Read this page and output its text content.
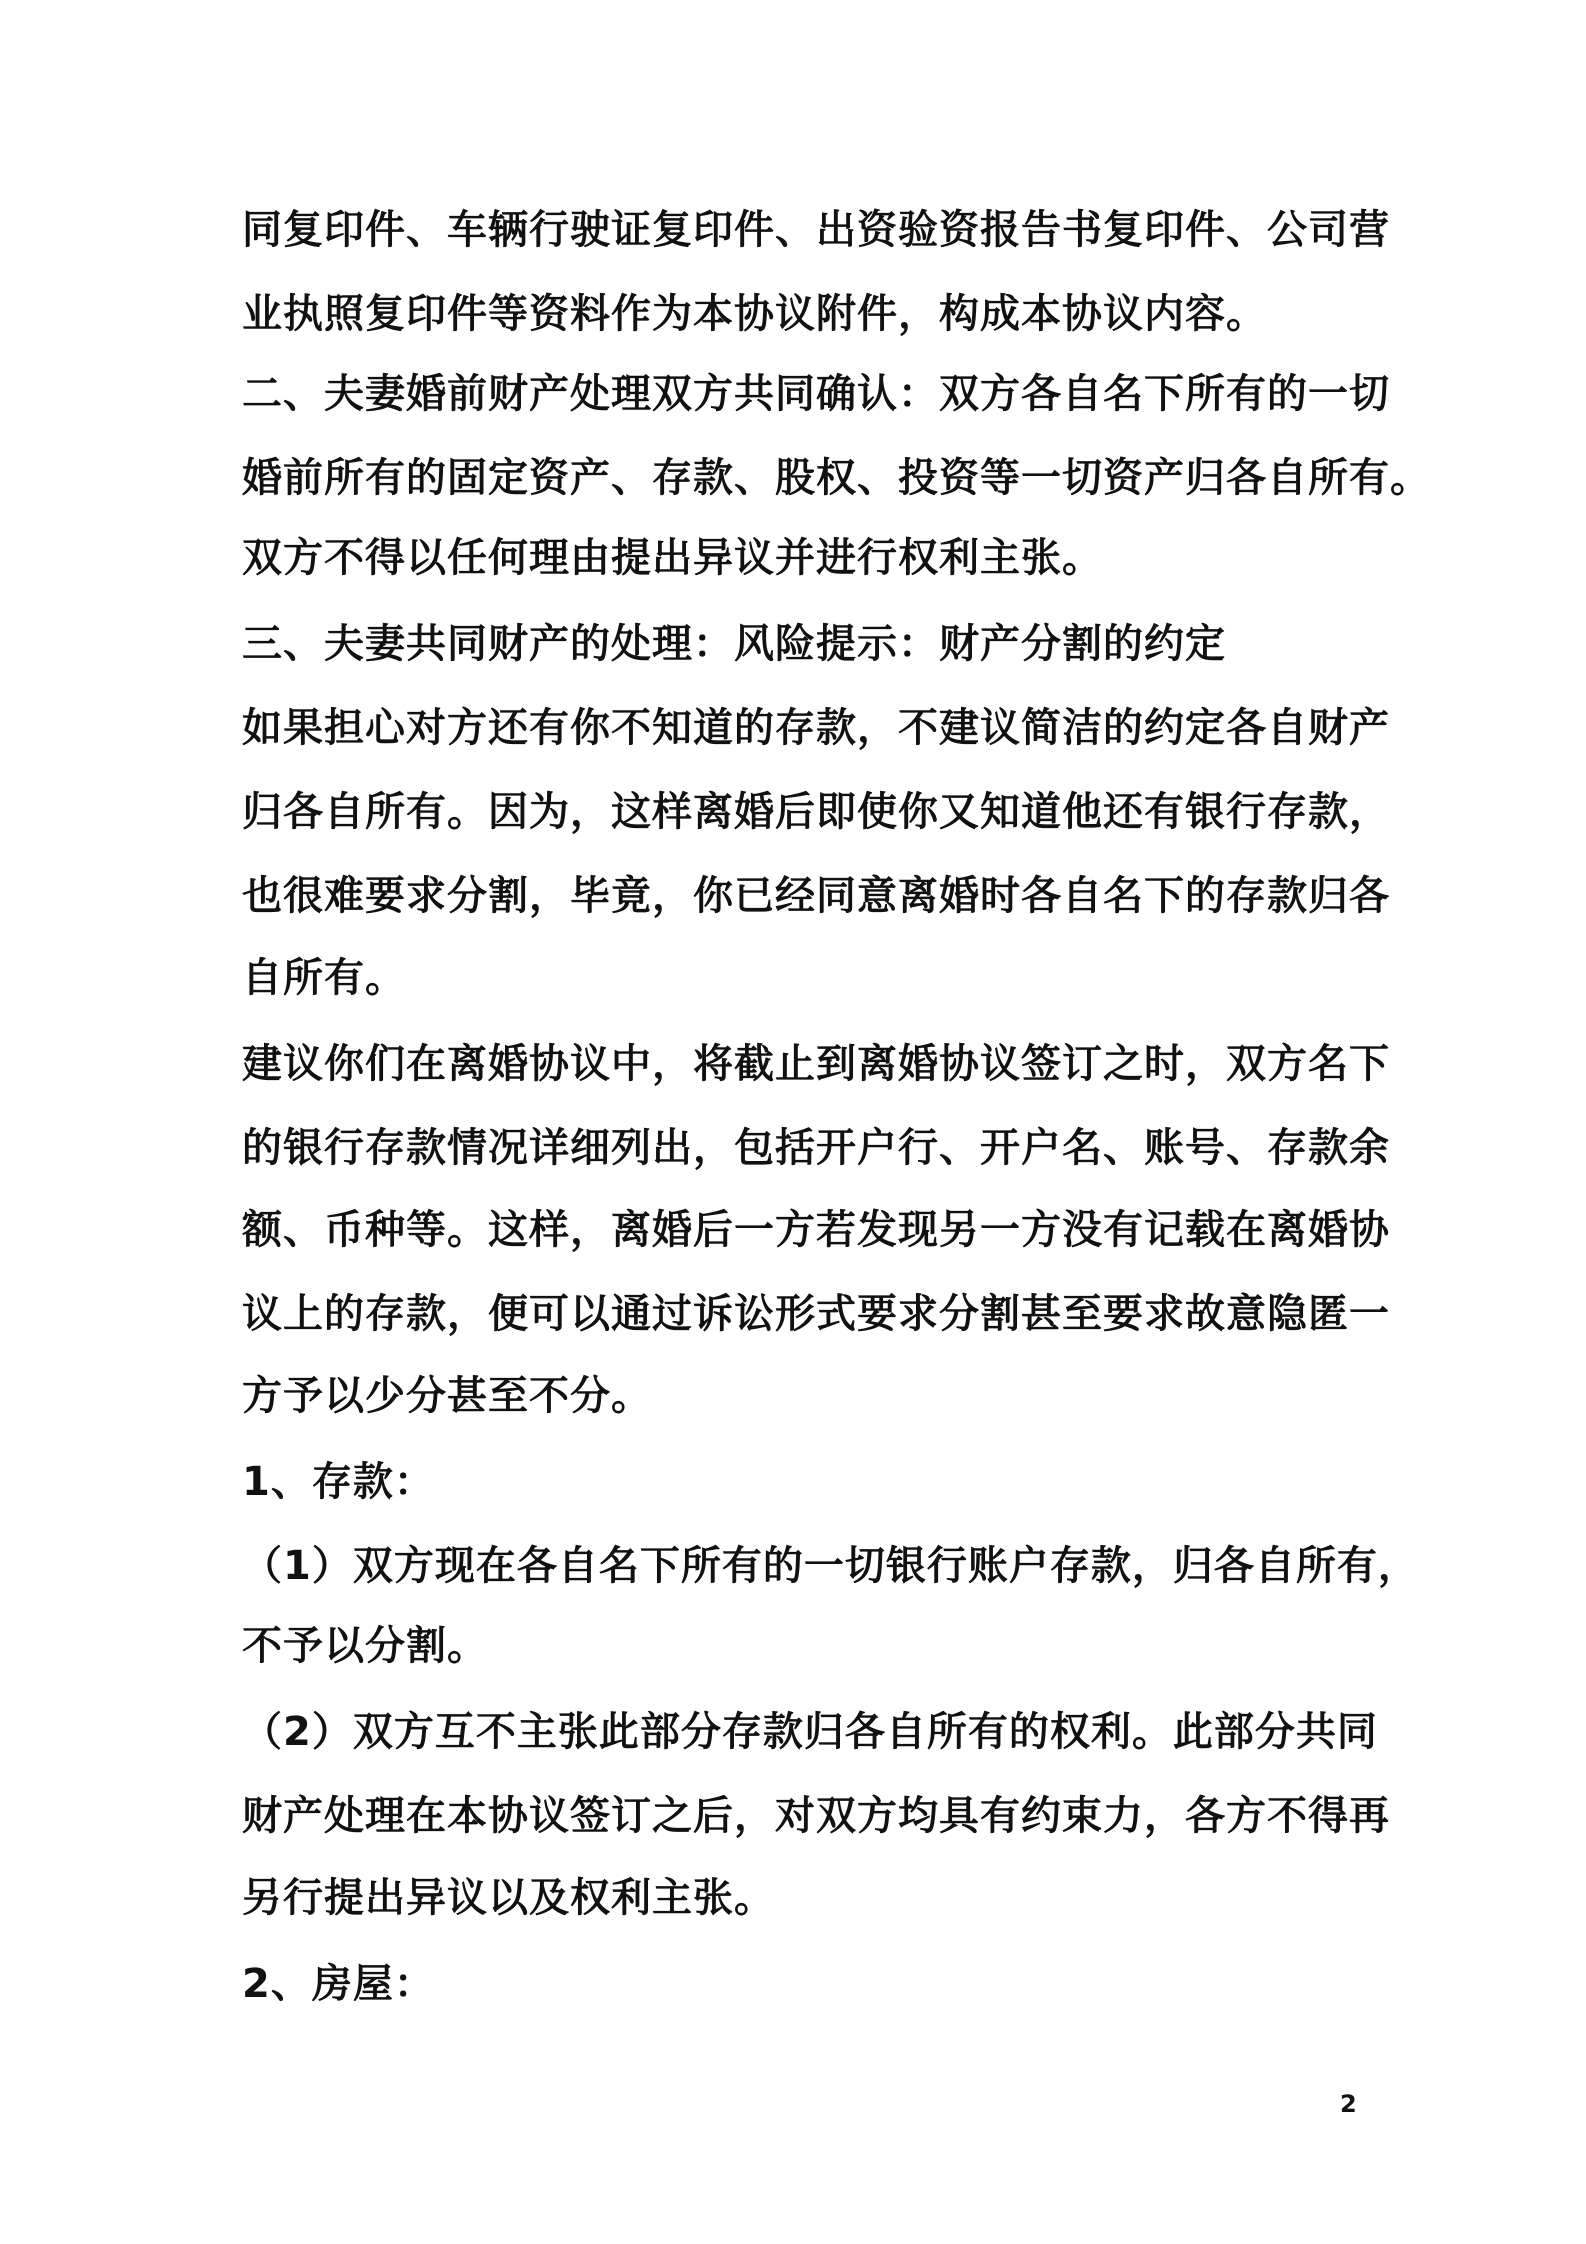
同复印件、车辆行驶证复印件、出资验资报告书复印件、公司营
业执照复印件等资料作为本协议附件，构成本协议内容。
二、夫妻婚前财产处理双方共同确认：双方各自名下所有的一切
婚前所有的固定资产、存款、股权、投资等一切资产归各自所有。
双方不得以任何理由提出异议并进行权利主张。
三、夫妻共同财产的处理：风险提示：财产分割的约定
如果担心对方还有你不知道的存款，不建议简洁的约定各自财产
归各自所有。因为，这样离婚后即使你又知道他还有银行存款，
也很难要求分割，毕竟，你已经同意离婚时各自名下的存款归各
自所有。
建议你们在离婚协议中，将截止到离婚协议签订之时，双方名下
的银行存款情况详细列出，包括开户行、开户名、账号、存款余
额、币种等。这样，离婚后一方若发现另一方没有记载在离婚协
议上的存款，便可以通过诉讼形式要求分割甚至要求故意隐匿一
方予以少分甚至不分。
1、存款：
（1）双方现在各自名下所有的一切银行账户存款，归各自所有，
不予以分割。
（2）双方互不主张此部分存款归各自所有的权利。此部分共同
财产处理在本协议签订之后，对双方均具有约束力，各方不得再
另行提出异议以及权利主张。
2、房屋：
2
